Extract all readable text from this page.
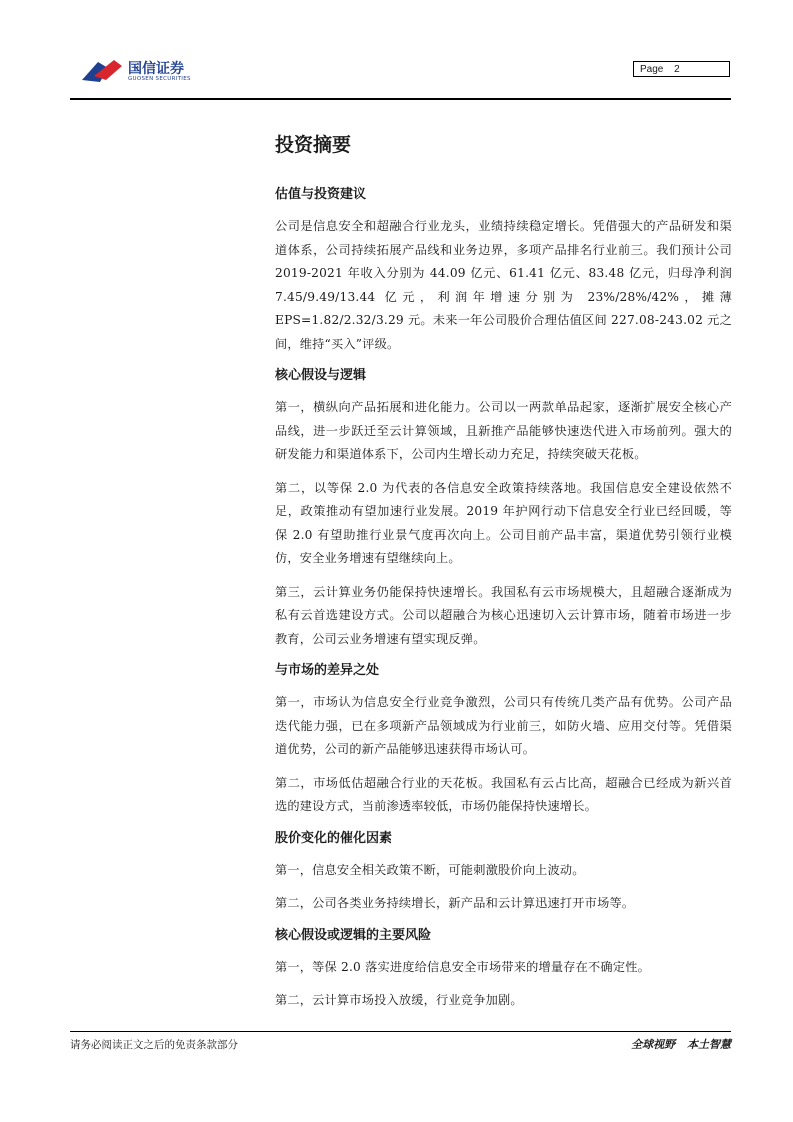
国信证券
GUOSEN SECURITIES
Page 2
投资摘要
估值与投资建议

公司是信息安全和超融合行业龙头，业绩持续稳定增长。凭借强大的产品研发和渠道体系，公司持续拓展产品线和业务边界，多项产品排名行业前三。我们预计公司 2019-2021 年收入分别为 44.09 亿元、61.41 亿元、83.48 亿元，归母净利润 7.45/9.49/13.44 亿元，利润年增速分别为 23%/28%/42%，摊薄 EPS=1.82/2.32/3.29 元。未来一年公司股价合理估值区间 227.08-243.02 元之间，维持“买入”评级。

核心假设与逻辑

第一，横纵向产品拓展和进化能力。公司以一两款单品起家，逐渐扩展安全核心产品线，进一步跃迁至云计算领域，且新推产品能够快速迭代进入市场前列。强大的研发能力和渠道体系下，公司内生增长动力充足，持续突破天花板。

第二，以等保 2.0 为代表的各信息安全政策持续落地。我国信息安全建设依然不足，政策推动有望加速行业发展。2019 年护网行动下信息安全行业已经回暖，等保 2.0 有望助推行业景气度再次向上。公司目前产品丰富，渠道优势引领行业模仿，安全业务增速有望继续向上。

第三，云计算业务仍能保持快速增长。我国私有云市场规模大，且超融合逐渐成为私有云首选建设方式。公司以超融合为核心迅速切入云计算市场，随着市场进一步教育，公司云业务增速有望实现反弹。

与市场的差异之处

第一，市场认为信息安全行业竞争激烈，公司只有传统几类产品有优势。公司产品迭代能力强，已在多项新产品领域成为行业前三，如防火墙、应用交付等。凭借渠道优势，公司的新产品能够迅速获得市场认可。

第二，市场低估超融合行业的天花板。我国私有云占比高，超融合已经成为新兴首选的建设方式，当前渗透率较低，市场仍能保持快速增长。

股价变化的催化因素

第一，信息安全相关政策不断，可能刺激股价向上波动。

第二，公司各类业务持续增长，新产品和云计算迅速打开市场等。

核心假设或逻辑的主要风险

第一，等保 2.0 落实进度给信息安全市场带来的增量存在不确定性。

第二，云计算市场投入放缓，行业竞争加剧。

请务必阅读正文之后的免责条款部分	全球视野 本土智慧
